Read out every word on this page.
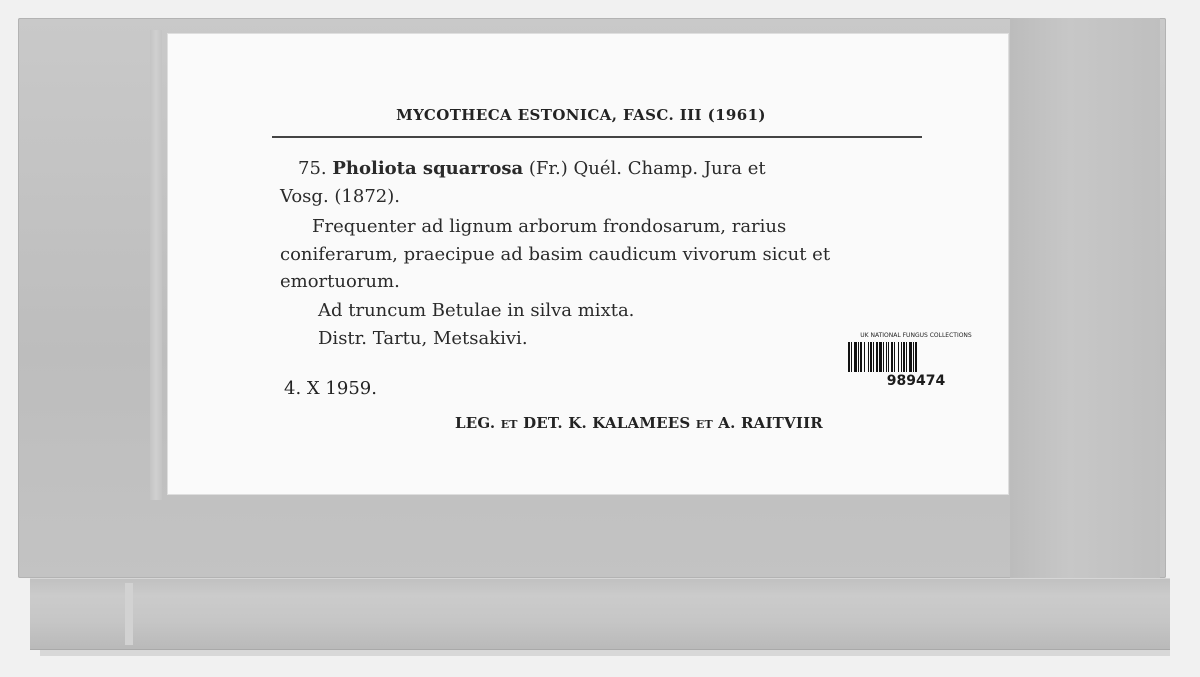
MYCOTHECA ESTONICA, FASC. III (1961)
75. Pholiota squarrosa (Fr.) Quél. Champ. Jura et
Vosg. (1872).
Frequenter ad lignum arborum frondosarum, rarius
coniferarum, praecipue ad basim caudicum vivorum sicut et
emortuorum.
Ad truncum Betulae in silva mixta.
Distr. Tartu, Metsakivi.
4. X 1959.
UK NATIONAL FUNGUS COLLECTIONS
989474
LEG. et DET. K. KALAMEES et A. RAITVIIR
